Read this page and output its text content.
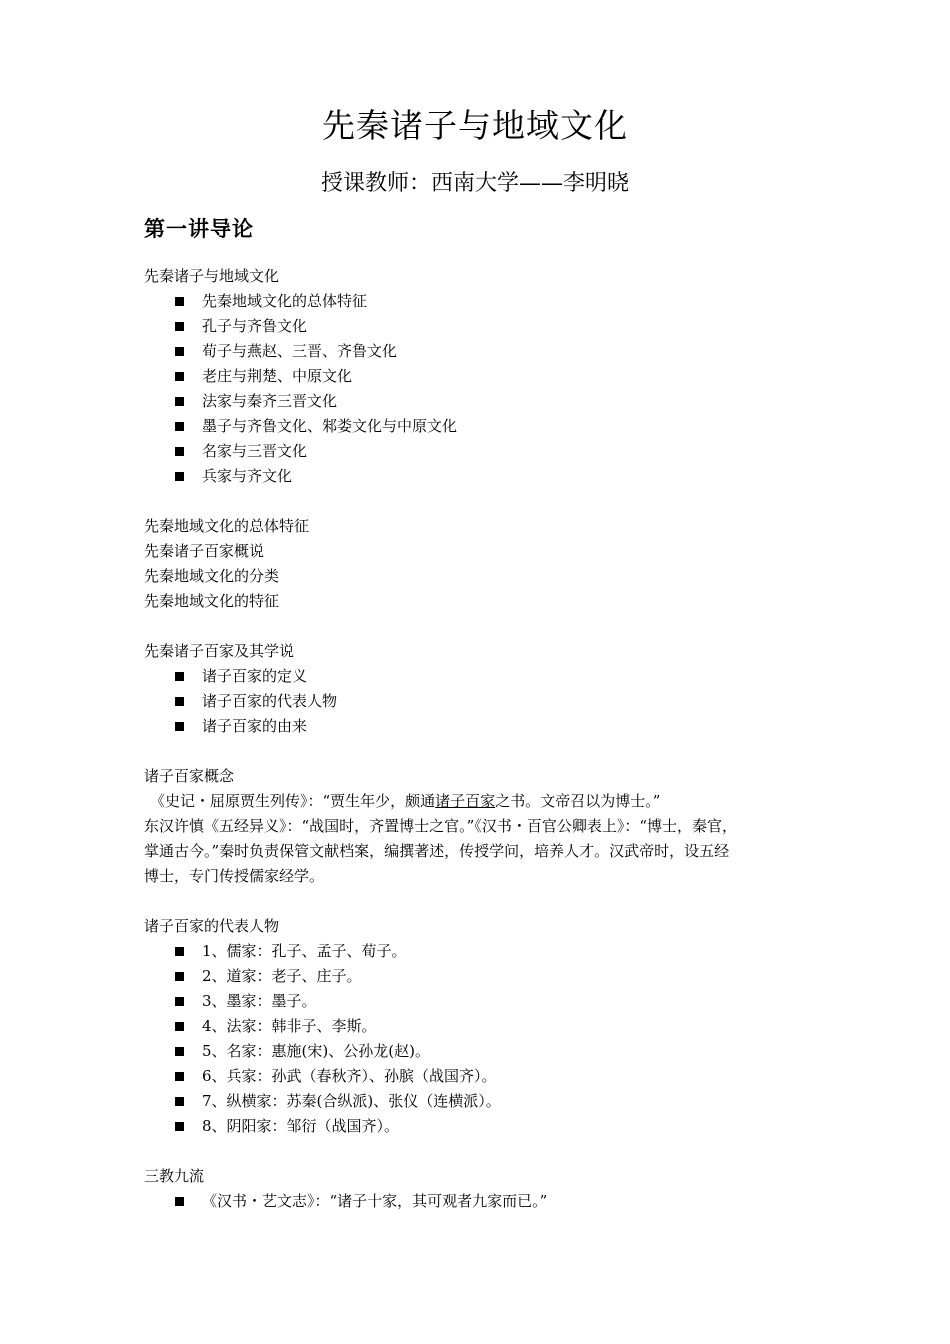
先秦诸子与地域文化
授课教师：西南大学——李明晓
第一讲导论
先秦诸子与地域文化
先秦地域文化的总体特征
孔子与齐鲁文化
荀子与燕赵、三晋、齐鲁文化
老庄与荆楚、中原文化
法家与秦齐三晋文化
墨子与齐鲁文化、邾娄文化与中原文化
名家与三晋文化
兵家与齐文化
先秦地域文化的总体特征
先秦诸子百家概说
先秦地域文化的分类
先秦地域文化的特征
先秦诸子百家及其学说
诸子百家的定义
诸子百家的代表人物
诸子百家的由来
诸子百家概念
《史记・屈原贾生列传》：“贾生年少，颇通诸子百家之书。文帝召以为博士。”
东汉许慎《五经异义》：“战国时，齐置博士之官。”《汉书・百官公卿表上》：“博士，秦官，
掌通古今。”秦时负责保管文献档案，编撰著述，传授学问，培养人才。汉武帝时，设五经
博士，专门传授儒家经学。
诸子百家的代表人物
1、儒家：孔子、孟子、荀子。
2、道家：老子、庄子。
3、墨家：墨子。
4、法家：韩非子、李斯。
5、名家：惠施(宋)、公孙龙(赵)。
6、兵家：孙武（春秋齐）、孙膑（战国齐）。
7、纵横家：苏秦(合纵派)、张仪（连横派）。
8、阴阳家：邹衍（战国齐）。
三教九流
《汉书・艺文志》：“诸子十家，其可观者九家而已。”
